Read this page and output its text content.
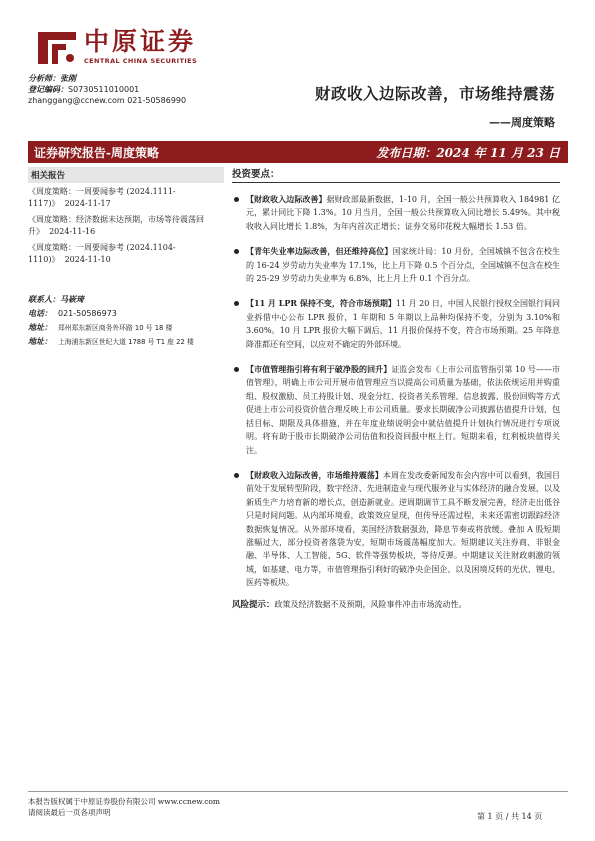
中原证券
CENTRAL CHINA SECURITIES
分析师：张刚
登记编码：S0730511010001
zhanggang@ccnew.com 021-50586990	财政收入边际改善，市场维持震荡
——周度策略
证券研究报告-周度策略	发布日期：2024 年 11 月 23 日
相关报告
《周度策略：一周要闻参考 (2024.1111-1117)》 2024-11-17
《周度策略：经济数据未达预期，市场等待震荡回升》 2024-11-16
《周度策略：一周要闻参考 (2024.1104-1110)》 2024-11-10
联系人： 马嵚琦
电话： 021-50586973
地址： 郑州郑东新区商务外环路 10 号 18 楼
地址： 上海浦东新区世纪大道 1788 号 T1 座 22 楼
投资要点：
【财政收入边际改善】据财政部最新数据，1-10 月，全国一般公共预算收入 184981 亿元，累计同比下降 1.3%。10 月当月，全国一般公共预算收入同比增长 5.49%。其中税收收入同比增长 1.8%，为年内首次正增长；证券交易印花税大幅增长 1.53 倍。
【青年失业率边际改善，但还维持高位】国家统计局：10 月份，全国城镇不包含在校生的 16-24 岁劳动力失业率为 17.1%，比上月下降 0.5 个百分点，全国城镇不包含在校生的 25-29 岁劳动力失业率为 6.8%，比上月上升 0.1 个百分点。
【11 月 LPR 保持不变，符合市场预期】11 月 20 日，中国人民银行授权全国银行间同业拆借中心公布 LPR 报价，1 年期和 5 年期以上品种均保持不变，分别为 3.10%和 3.60%。10 月 LPR 报价大幅下调后，11 月报价保持不变，符合市场预期。25 年降息降准都还有空间，以应对不确定的外部环境。
【市值管理指引将有利于破净股的回升】证监会发布《上市公司监管指引第 10 号——市值管理》，明确上市公司开展市值管理应当以提高公司质量为基础，依法依规运用并购重组、股权激励、员工持股计划、现金分红、投资者关系管理、信息披露、股份回购等方式促进上市公司投资价值合理反映上市公司质量。要求长期破净公司披露估值提升计划，包括目标、期限及具体措施，并在年度业绩说明会中就估值提升计划执行情况进行专项说明。将有助于股市长期破净公司估值和投资回报中枢上行。短期来看，红利板块值得关注。
【财政收入边际改善，市场维持震荡】本周在发改委新闻发布会内容中可以看到，我国目前处于发展转型阶段，数字经济、先进制造业与现代服务业与实体经济的融合发展，以及新质生产力培育新的增长点，创造新就业。逆周期调节工具不断发展完善，经济走出低谷只是时间问题。从内部环境看，政策效应显现，但传导还需过程，未来还需密切跟踪经济数据恢复情况。从外部环境看，美国经济数据强劲，降息节奏或将放缓。叠加 A 股短期涨幅过大，部分投资者落袋为安，短期市场震荡幅度加大。短期建议关注券商、非银金融、半导体、人工智能、5G、软件等强势板块，等待反弹。中期建议关注财政刺激的领域，如基建、电力等，市值管理指引利好的破净央企国企、以及困境反转的光伏、锂电、医药等板块。
风险提示：政策及经济数据不及预期，风险事件冲击市场流动性。
本报告版权属于中原证券股份有限公司 www.ccnew.com
请阅读最后一页各项声明	第 1 页 / 共 14 页
